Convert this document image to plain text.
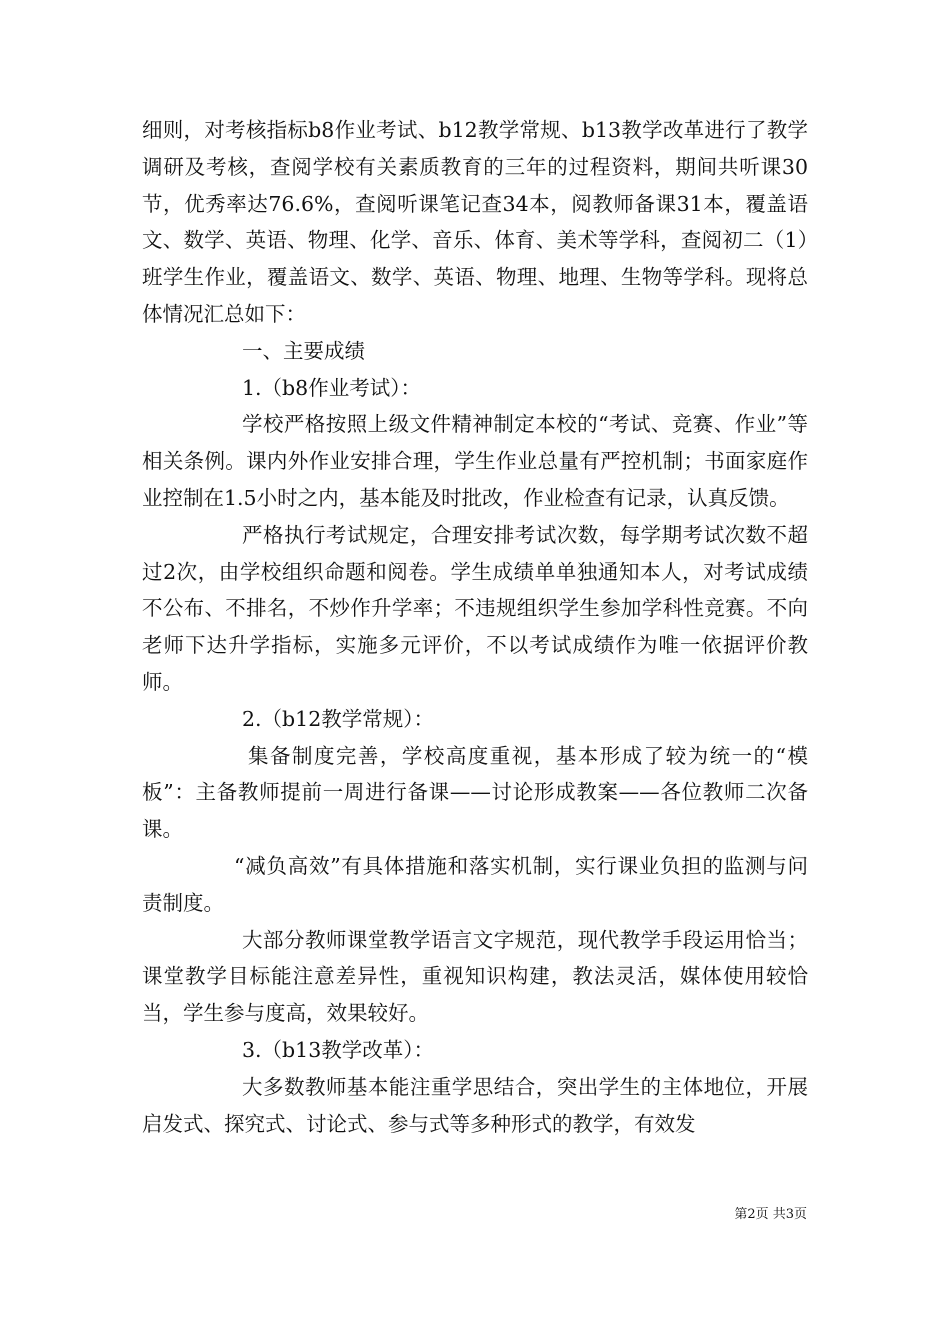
细则，对考核指标b8作业考试、b12教学常规、b13教学改革进行了教学调研及考核，查阅学校有关素质教育的三年的过程资料，期间共听课30节，优秀率达76.6%，查阅听课笔记查34本，阅教师备课31本，覆盖语文、数学、英语、物理、化学、音乐、体育、美术等学科，查阅初二（1）班学生作业，覆盖语文、数学、英语、物理、地理、生物等学科。现将总体情况汇总如下：

一、主要成绩

1.（b8作业考试）：

学校严格按照上级文件精神制定本校的“考试、竞赛、作业”等相关条例。课内外作业安排合理，学生作业总量有严控机制；书面家庭作业控制在1.5小时之内，基本能及时批改，作业检查有记录，认真反馈。

严格执行考试规定，合理安排考试次数，每学期考试次数不超过2次，由学校组织命题和阅卷。学生成绩单单独通知本人，对考试成绩不公布、不排名，不炒作升学率；不违规组织学生参加学科性竞赛。不向老师下达升学指标，实施多元评价，不以考试成绩作为唯一依据评价教师。

2.（b12教学常规）：

集备制度完善，学校高度重视，基本形成了较为统一的“模板”：主备教师提前一周进行备课——讨论形成教案——各位教师二次备课。

“减负高效”有具体措施和落实机制，实行课业负担的监测与问责制度。

大部分教师课堂教学语言文字规范，现代教学手段运用恰当；课堂教学目标能注意差异性，重视知识构建，教法灵活，媒体使用较恰当，学生参与度高，效果较好。

3.（b13教学改革）：

大多数教师基本能注重学思结合，突出学生的主体地位，开展启发式、探究式、讨论式、参与式等多种形式的教学，有效发

第2页 共3页
